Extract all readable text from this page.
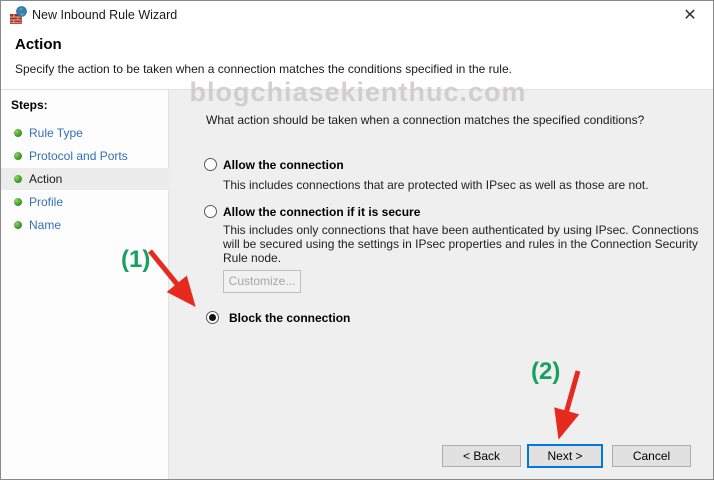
New Inbound Rule Wizard	✕
Action
Specify the action to be taken when a connection matches the conditions specified in the rule.
Steps:
Rule Type
Protocol and Ports
Action
Profile
Name
What action should be taken when a connection matches the specified conditions?
Allow the connection
This includes connections that are protected with IPsec as well as those are not.
Allow the connection if it is secure
This includes only connections that have been authenticated by using IPsec. Connections will be secured using the settings in IPsec properties and rules in the Connection Security Rule node.
Customize...
Block the connection
blogchiasekienthuc.com
< Back	Next >	Cancel
(1)
(2)
